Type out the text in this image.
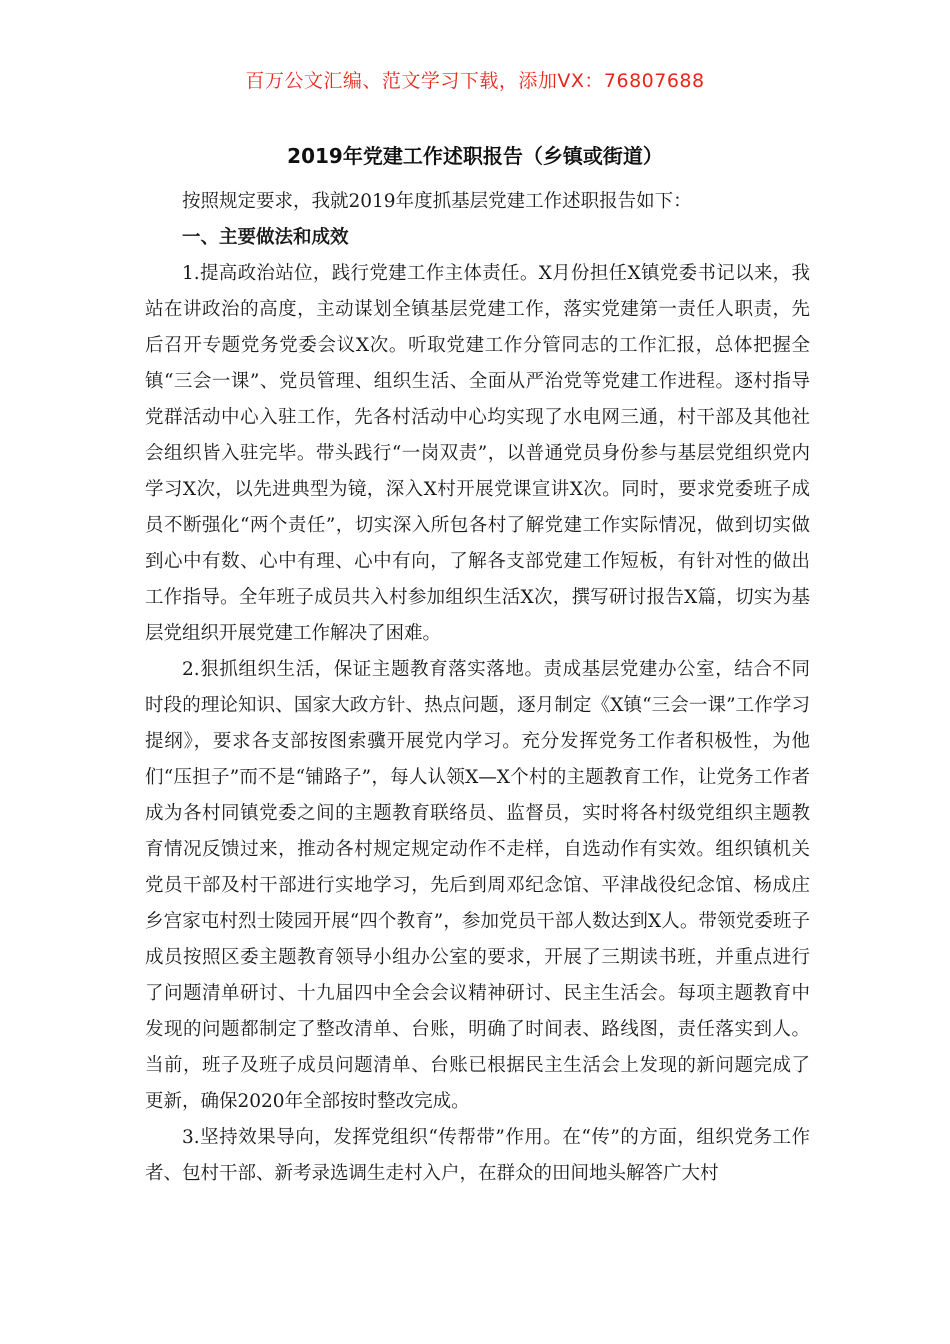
百万公文汇编、范文学习下载，添加VX：76807688
2019年党建工作述职报告（乡镇或街道）

按照规定要求，我就2019年度抓基层党建工作述职报告如下：

一、主要做法和成效

1.提高政治站位，践行党建工作主体责任。X月份担任X镇党委书记以来，我站在讲政治的高度，主动谋划全镇基层党建工作，落实党建第一责任人职责，先后召开专题党务党委会议X次。听取党建工作分管同志的工作汇报，总体把握全镇“三会一课”、党员管理、组织生活、全面从严治党等党建工作进程。逐村指导党群活动中心入驻工作，先各村活动中心均实现了水电网三通，村干部及其他社会组织皆入驻完毕。带头践行“一岗双责”，以普通党员身份参与基层党组织党内学习X次，以先进典型为镜，深入X村开展党课宣讲X次。同时，要求党委班子成员不断强化“两个责任”，切实深入所包各村了解党建工作实际情况，做到切实做到心中有数、心中有理、心中有向，了解各支部党建工作短板，有针对性的做出工作指导。全年班子成员共入村参加组织生活X次，撰写研讨报告X篇，切实为基层党组织开展党建工作解决了困难。

2.狠抓组织生活，保证主题教育落实落地。责成基层党建办公室，结合不同时段的理论知识、国家大政方针、热点问题，逐月制定《X镇“三会一课”工作学习提纲》，要求各支部按图索骥开展党内学习。充分发挥党务工作者积极性，为他们“压担子”而不是“铺路子”，每人认领X—X个村的主题教育工作，让党务工作者成为各村同镇党委之间的主题教育联络员、监督员，实时将各村级党组织主题教育情况反馈过来，推动各村规定规定动作不走样，自选动作有实效。组织镇机关党员干部及村干部进行实地学习，先后到周邓纪念馆、平津战役纪念馆、杨成庄乡宫家屯村烈士陵园开展“四个教育”，参加党员干部人数达到X人。带领党委班子成员按照区委主题教育领导小组办公室的要求，开展了三期读书班，并重点进行了问题清单研讨、十九届四中全会会议精神研讨、民主生活会。每项主题教育中发现的问题都制定了整改清单、台账，明确了时间表、路线图，责任落实到人。当前，班子及班子成员问题清单、台账已根据民主生活会上发现的新问题完成了更新，确保2020年全部按时整改完成。

3.坚持效果导向，发挥党组织“传帮带”作用。在“传”的方面，组织党务工作者、包村干部、新考录选调生走村入户，在群众的田间地头解答广大村
